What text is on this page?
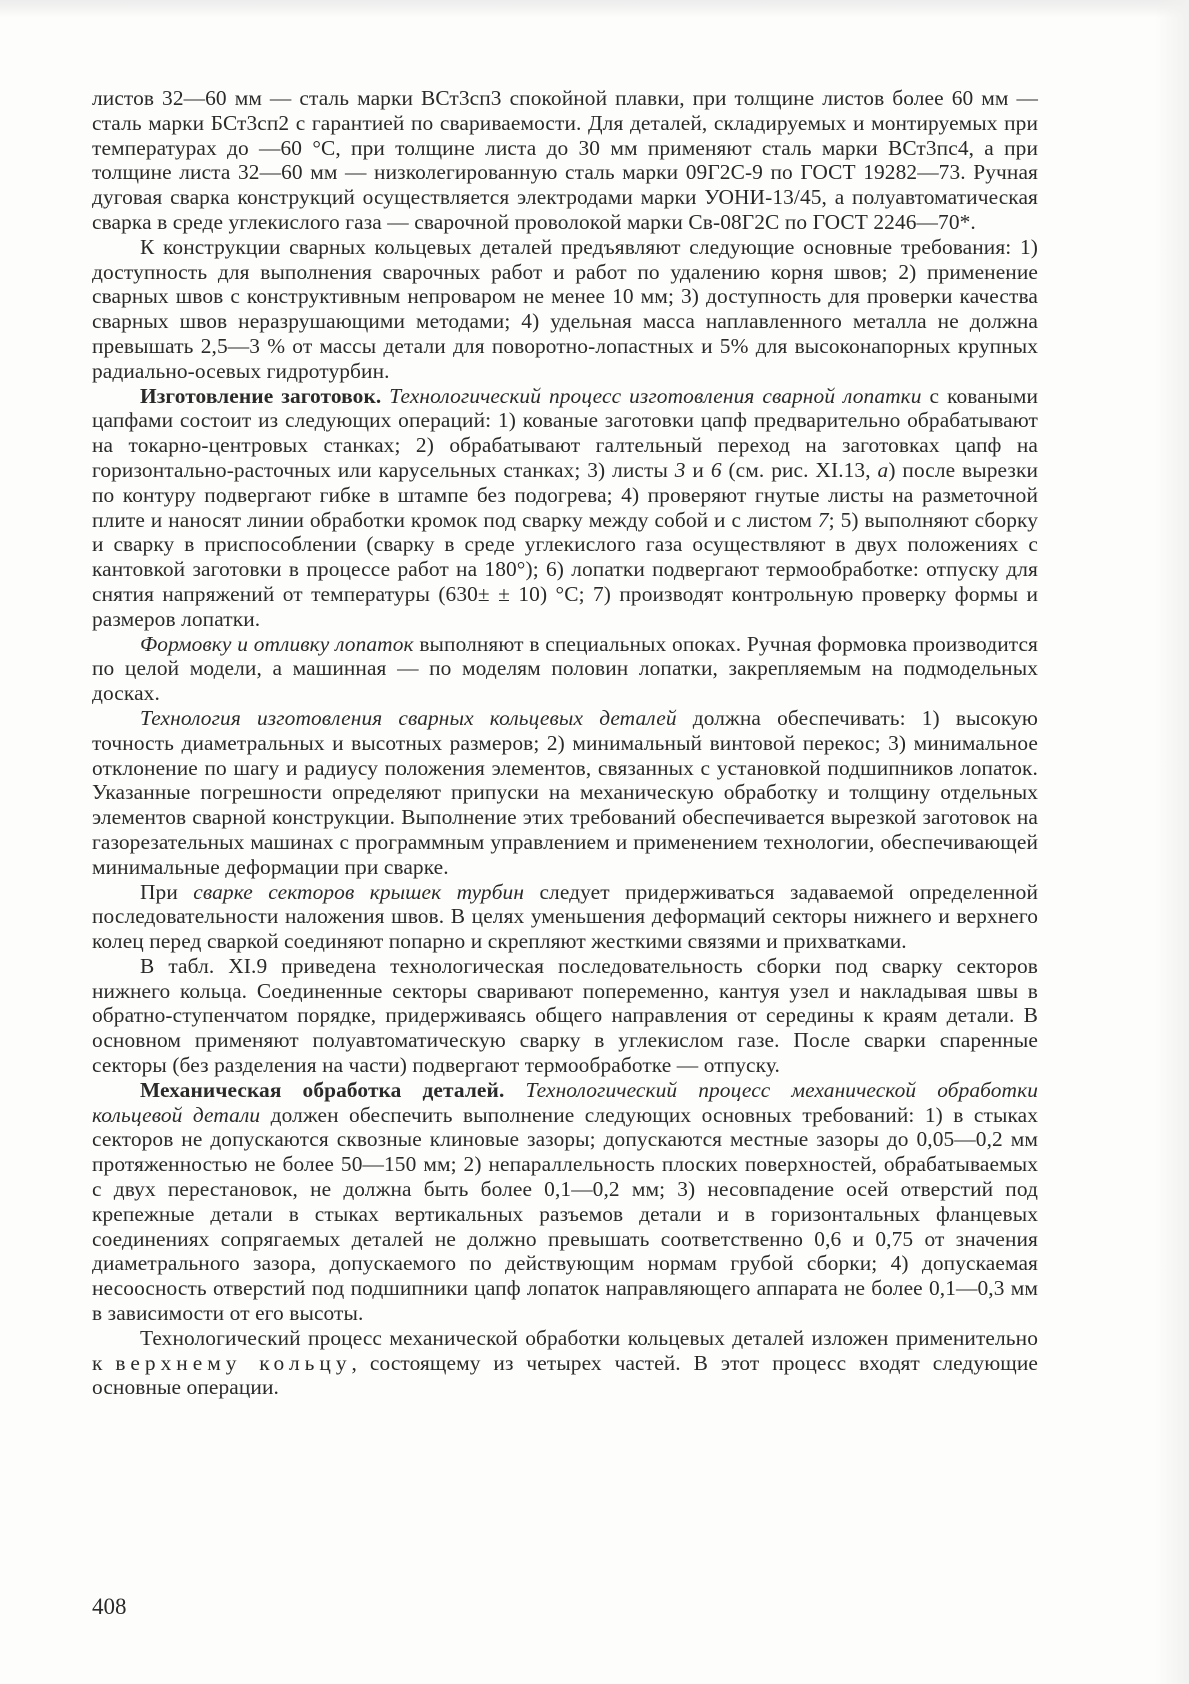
листов 32—60 мм — сталь марки ВСт3сп3 спокойной плавки, при толщине листов более 60 мм — сталь марки БСт3сп2 с гарантией по свариваемости. Для деталей, складируемых и монтируемых при температурах до —60 °С, при толщине листа до 30 мм применяют сталь марки ВСт3пс4, а при толщине листа 32—60 мм — низколегированную сталь марки 09Г2С-9 по ГОСТ 19282—73. Ручная дуговая сварка конструкций осуществляется электродами марки УОНИ-13/45, а полуавтоматическая сварка в среде углекислого газа — сварочной проволокой марки Св-08Г2С по ГОСТ 2246—70*.

К конструкции сварных кольцевых деталей предъявляют следующие основные требования: 1) доступность для выполнения сварочных работ и работ по удалению корня швов; 2) применение сварных швов с конструктивным непроваром не менее 10 мм; 3) доступность для проверки качества сварных швов неразрушающими методами; 4) удельная масса наплавленного металла не должна превышать 2,5—3 % от массы детали для поворотно-лопастных и 5% для высоконапорных крупных радиально-осевых гидротурбин.

Изготовление заготовок. Технологический процесс изготовления сварной лопатки с коваными цапфами состоит из следующих операций: 1) кованые заготовки цапф предварительно обрабатывают на токарно-центровых станках; 2) обрабатывают галтельный переход на заготовках цапф на горизонтально-расточных или карусельных станках; 3) листы 3 и 6 (см. рис. XI.13, а) после вырезки по контуру подвергают гибке в штампе без подогрева; 4) проверяют гнутые листы на разметочной плите и наносят линии обработки кромок под сварку между собой и с листом 7; 5) выполняют сборку и сварку в приспособлении (сварку в среде углекислого газа осуществляют в двух положениях с кантовкой заготовки в процессе работ на 180°); 6) лопатки подвергают термообработке: отпуску для снятия напряжений от температуры (630± ± 10) °С; 7) производят контрольную проверку формы и размеров лопатки.

Формовку и отливку лопаток выполняют в специальных опоках. Ручная формовка производится по целой модели, а машинная — по моделям половин лопатки, закрепляемым на подмодельных досках.

Технология изготовления сварных кольцевых деталей должна обеспечивать: 1) высокую точность диаметральных и высотных размеров; 2) минимальный винтовой перекос; 3) минимальное отклонение по шагу и радиусу положения элементов, связанных с установкой подшипников лопаток. Указанные погрешности определяют припуски на механическую обработку и толщину отдельных элементов сварной конструкции. Выполнение этих требований обеспечивается вырезкой заготовок на газорезательных машинах с программным управлением и применением технологии, обеспечивающей минимальные деформации при сварке.

При сварке секторов крышек турбин следует придерживаться задаваемой определенной последовательности наложения швов. В целях уменьшения деформаций секторы нижнего и верхнего колец перед сваркой соединяют попарно и скрепляют жесткими связями и прихватками.

В табл. XI.9 приведена технологическая последовательность сборки под сварку секторов нижнего кольца. Соединенные секторы сваривают попеременно, кантуя узел и накладывая швы в обратно-ступенчатом порядке, придерживаясь общего направления от середины к краям детали. В основном применяют полуавтоматическую сварку в углекислом газе. После сварки спаренные секторы (без разделения на части) подвергают термообработке — отпуску.

Механическая обработка деталей. Технологический процесс механической обработки кольцевой детали должен обеспечить выполнение следующих основных требований: 1) в стыках секторов не допускаются сквозные клиновые зазоры; допускаются местные зазоры до 0,05—0,2 мм протяженностью не более 50—150 мм; 2) непараллельность плоских поверхностей, обрабатываемых с двух перестановок, не должна быть более 0,1—0,2 мм; 3) несовпадение осей отверстий под крепежные детали в стыках вертикальных разъемов детали и в горизонтальных фланцевых соединениях сопрягаемых деталей не должно превышать соответственно 0,6 и 0,75 от значения диаметрального зазора, допускаемого по действующим нормам грубой сборки; 4) допускаемая несоосность отверстий под подшипники цапф лопаток направляющего аппарата не более 0,1—0,3 мм в зависимости от его высоты.

Технологический процесс механической обработки кольцевых деталей изложен применительно к верхнему кольцу, состоящему из четырех частей. В этот процесс входят следующие основные операции.

408
